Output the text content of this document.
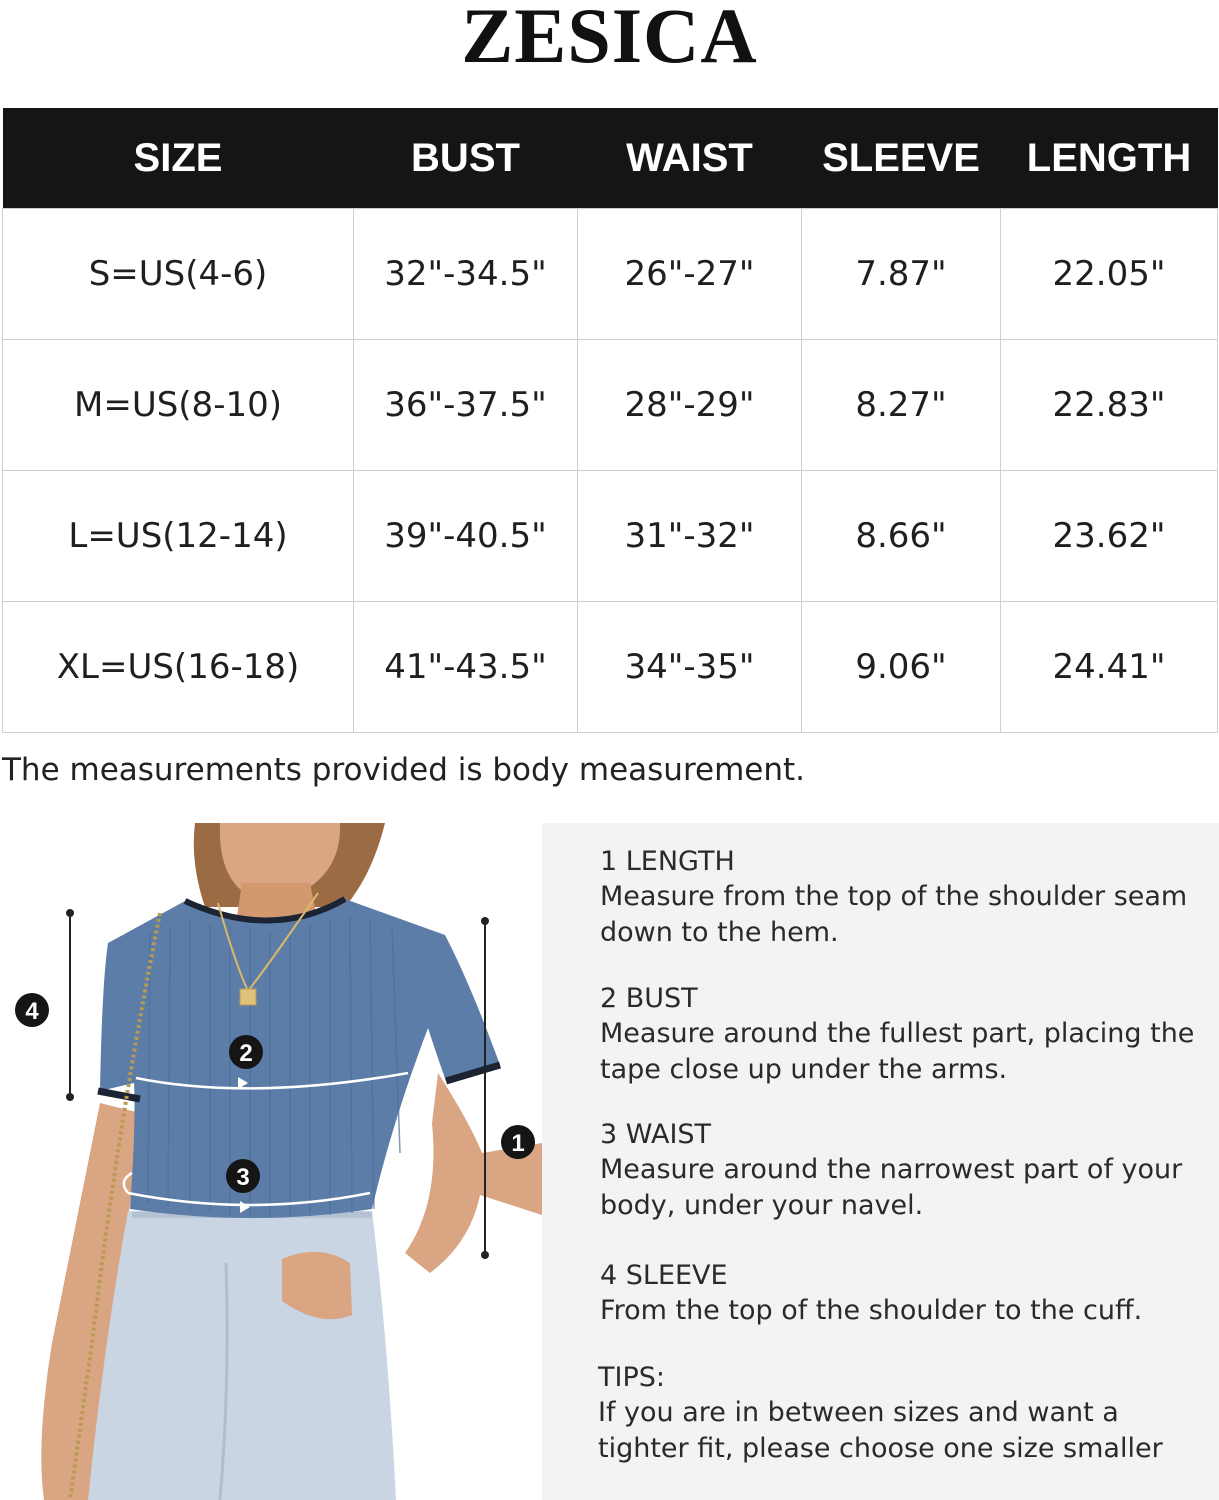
ZESICA
SIZE	BUST	WAIST	SLEEVE	LENGTH
S=US(4-6)	32"-34.5"	26"-27"	7.87"	22.05"
M=US(8-10)	36"-37.5"	28"-29"	8.27"	22.83"
L=US(12-14)	39"-40.5"	31"-32"	8.66"	23.62"
XL=US(16-18)	41"-43.5"	34"-35"	9.06"	24.41"
The measurements provided is body measurement.
1
2
3
4
1 LENGTH
Measure from the top of the shoulder seam down to the hem.
2 BUST
Measure around the fullest part, placing the tape close up under the arms.
3 WAIST
Measure around the narrowest part of your body, under your navel.
4 SLEEVE
From the top of the shoulder to the cuff.
TIPS:
If you are in between sizes and want a tighter fit, please choose one size smaller
